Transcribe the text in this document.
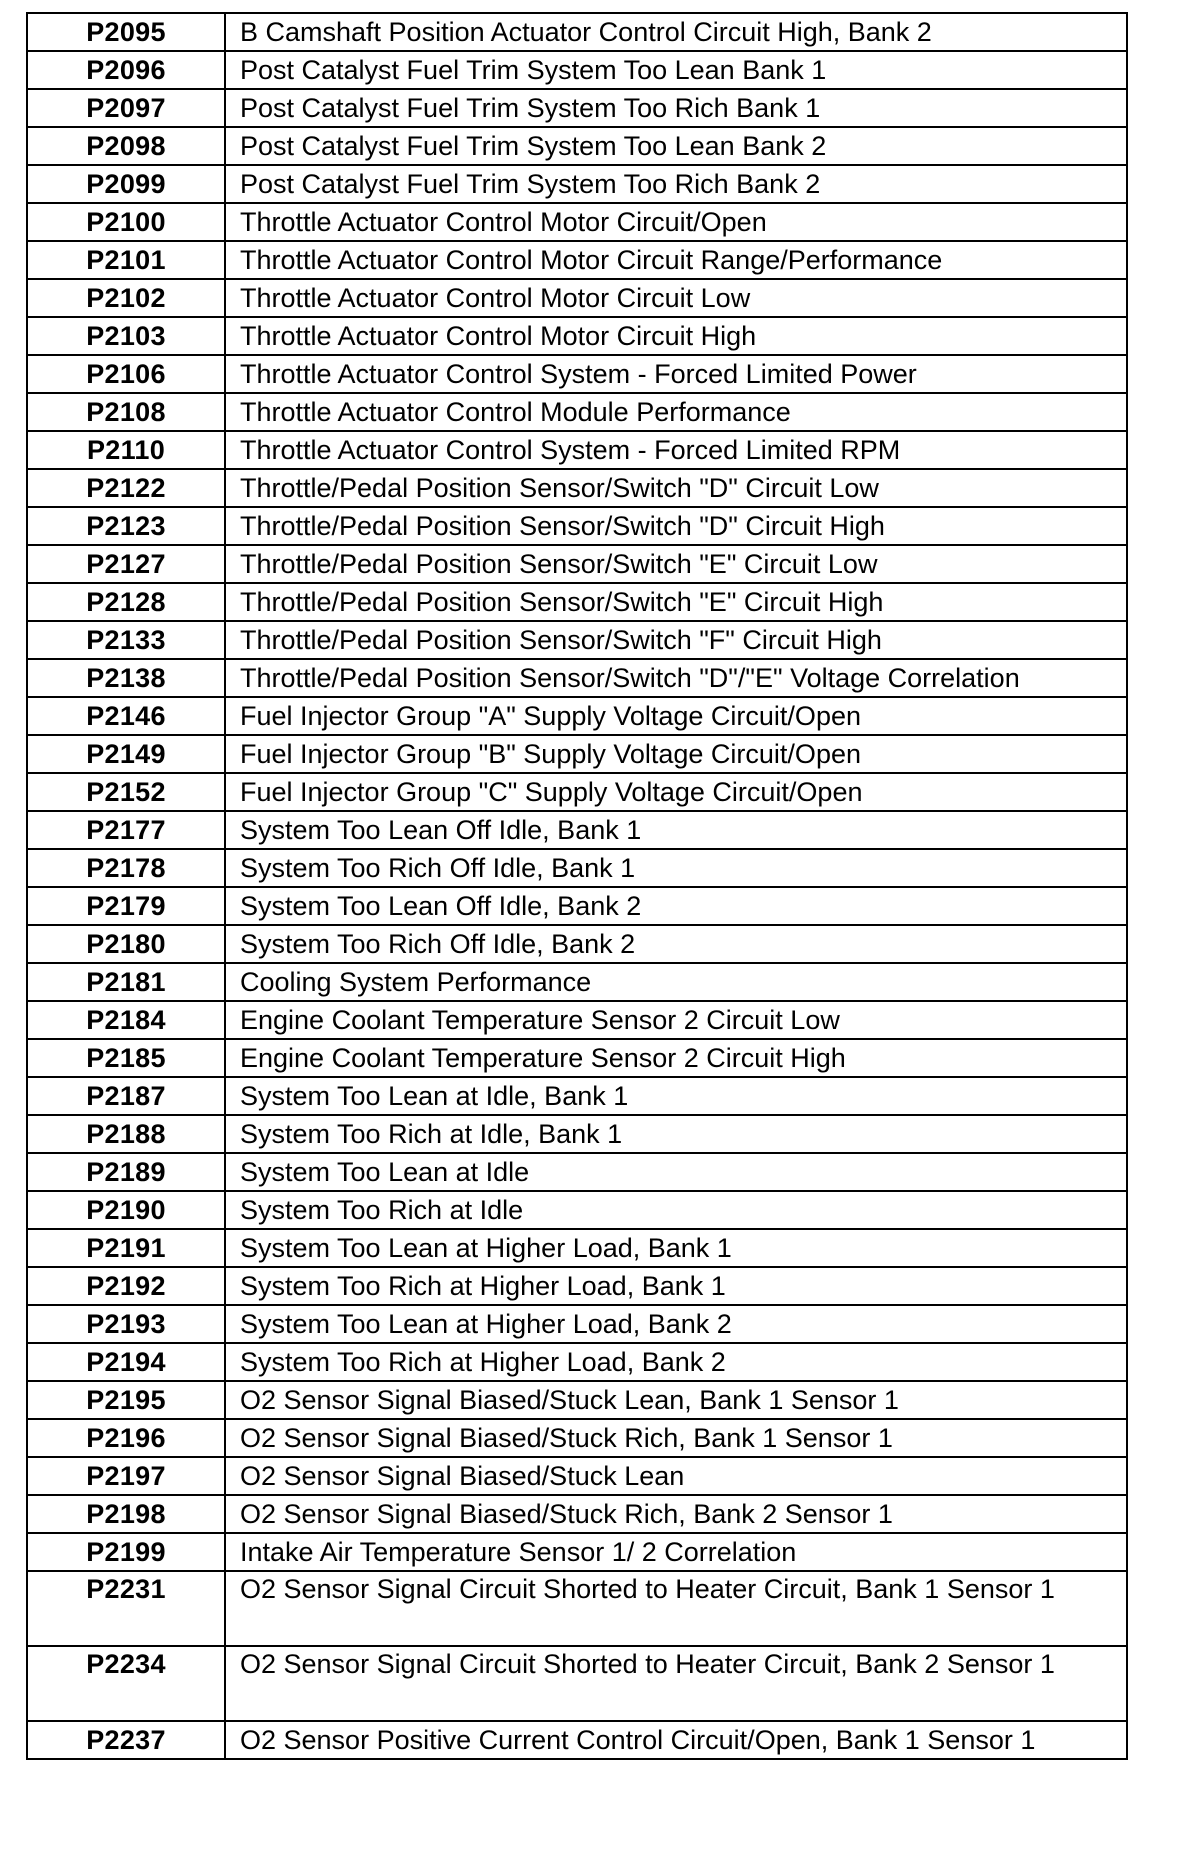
P2095	B Camshaft Position Actuator Control Circuit High, Bank 2
P2096	Post Catalyst Fuel Trim System Too Lean Bank 1
P2097	Post Catalyst Fuel Trim System Too Rich Bank 1
P2098	Post Catalyst Fuel Trim System Too Lean Bank 2
P2099	Post Catalyst Fuel Trim System Too Rich Bank 2
P2100	Throttle Actuator Control Motor Circuit/Open
P2101	Throttle Actuator Control Motor Circuit Range/Performance
P2102	Throttle Actuator Control Motor Circuit Low
P2103	Throttle Actuator Control Motor Circuit High
P2106	Throttle Actuator Control System - Forced Limited Power
P2108	Throttle Actuator Control Module Performance
P2110	Throttle Actuator Control System - Forced Limited RPM
P2122	Throttle/Pedal Position Sensor/Switch "D" Circuit Low
P2123	Throttle/Pedal Position Sensor/Switch "D" Circuit High
P2127	Throttle/Pedal Position Sensor/Switch "E" Circuit Low
P2128	Throttle/Pedal Position Sensor/Switch "E" Circuit High
P2133	Throttle/Pedal Position Sensor/Switch "F" Circuit High
P2138	Throttle/Pedal Position Sensor/Switch "D"/"E" Voltage Correlation
P2146	Fuel Injector Group "A" Supply Voltage Circuit/Open
P2149	Fuel Injector Group "B" Supply Voltage Circuit/Open
P2152	Fuel Injector Group "C" Supply Voltage Circuit/Open
P2177	System Too Lean Off Idle, Bank 1
P2178	System Too Rich Off Idle, Bank 1
P2179	System Too Lean Off Idle, Bank 2
P2180	System Too Rich Off Idle, Bank 2
P2181	Cooling System Performance
P2184	Engine Coolant Temperature Sensor 2 Circuit Low
P2185	Engine Coolant Temperature Sensor 2 Circuit High
P2187	System Too Lean at Idle, Bank 1
P2188	System Too Rich at Idle, Bank 1
P2189	System Too Lean at Idle
P2190	System Too Rich at Idle
P2191	System Too Lean at Higher Load, Bank 1
P2192	System Too Rich at Higher Load, Bank 1
P2193	System Too Lean at Higher Load, Bank 2
P2194	System Too Rich at Higher Load, Bank 2
P2195	O2 Sensor Signal Biased/Stuck Lean, Bank 1 Sensor 1
P2196	O2 Sensor Signal Biased/Stuck Rich, Bank 1 Sensor 1
P2197	O2 Sensor Signal Biased/Stuck Lean
P2198	O2 Sensor Signal Biased/Stuck Rich, Bank 2 Sensor 1
P2199	Intake Air Temperature Sensor 1/ 2 Correlation
P2231	O2 Sensor Signal Circuit Shorted to Heater Circuit, Bank 1 Sensor 1
P2234	O2 Sensor Signal Circuit Shorted to Heater Circuit, Bank 2 Sensor 1
P2237	O2 Sensor Positive Current Control Circuit/Open, Bank 1 Sensor 1
